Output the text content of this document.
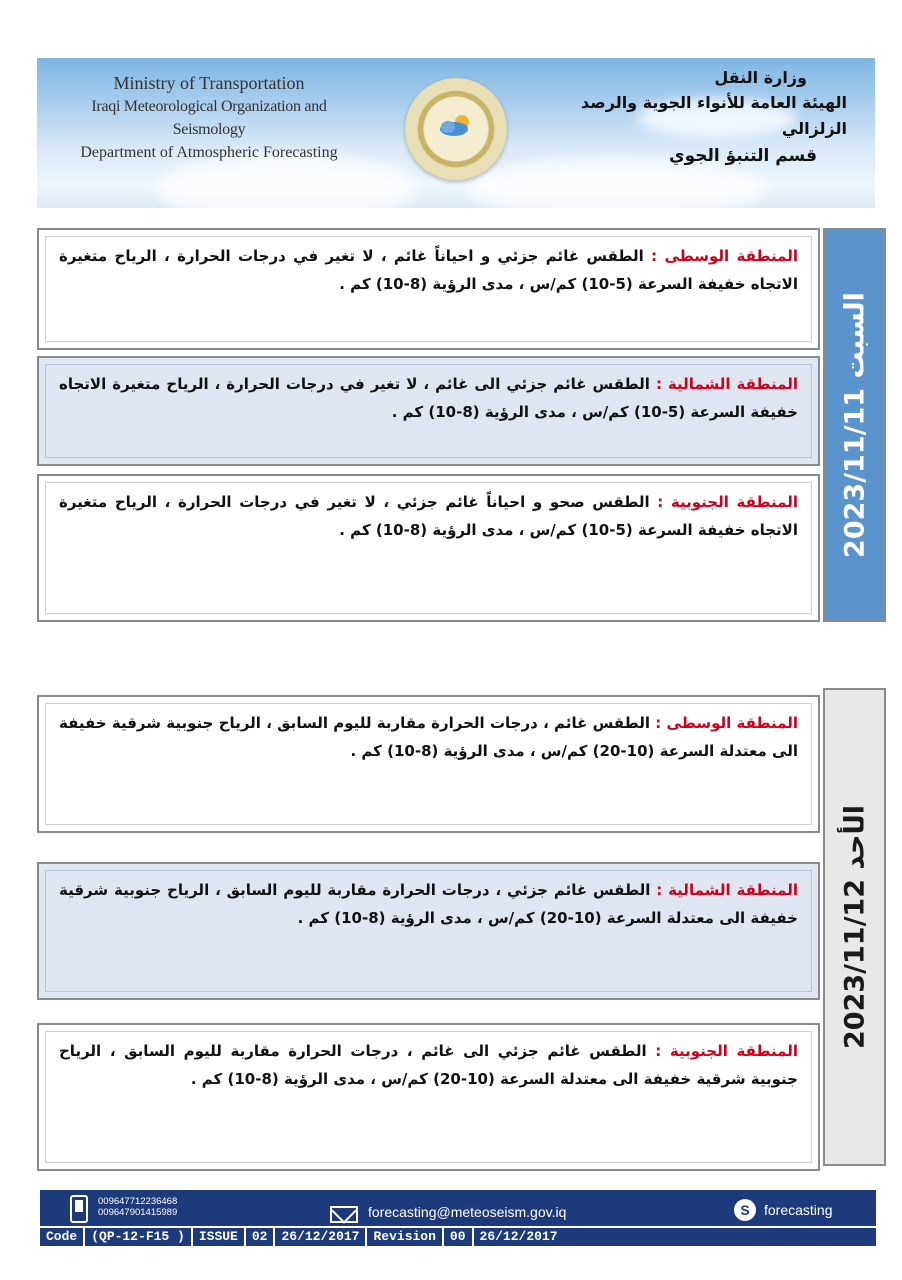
Ministry of Transportation
Iraqi Meteorological Organization and Seismology
Department of Atmospheric Forecasting
وزارة النقل
الهيئة العامة للأنواء الجوية والرصد الزلزالي
قسم التنبؤ الجوي
المنطقة الوسطى : الطقس غائم جزئي و احياناً غائم ، لا تغير في درجات الحرارة ، الرياح متغيرة الاتجاه خفيفة السرعة (5-10) كم/س ، مدى الرؤية (8-10) كم .
المنطقة الشمالية : الطقس غائم جزئي الى غائم ، لا تغير في درجات الحرارة ، الرياح متغيرة الاتجاه خفيفة السرعة (5-10) كم/س ، مدى الرؤية (8-10) كم .
المنطقة الجنوبية : الطقس صحو و احياناً غائم جزئي ، لا تغير في درجات الحرارة ، الرياح متغيرة الاتجاه خفيفة السرعة (5-10) كم/س ، مدى الرؤية (8-10) كم . السبت 2023/11/11
المنطقة الوسطى : الطقس غائم ، درجات الحرارة مقاربة لليوم السابق ، الرياح جنوبية شرقية خفيفة الى معتدلة السرعة (10-20) كم/س ، مدى الرؤية (8-10) كم .
المنطقة الشمالية : الطقس غائم جزئي ، درجات الحرارة مقاربة لليوم السابق ، الرياح جنوبية شرقية خفيفة الى معتدلة السرعة (10-20) كم/س ، مدى الرؤية (8-10) كم .
المنطقة الجنوبية : الطقس غائم جزئي الى غائم ، درجات الحرارة مقاربة لليوم السابق ، الرياح جنوبية شرقية خفيفة الى معتدلة السرعة (10-20) كم/س ، مدى الرؤية (8-10) كم .
الأحد 2023/11/12
009647712236468
009647901415989	forecasting@meteoseism.gov.iq	S	forecasting
Code	(QP-12-F15 )	ISSUE	02	26/12/2017	Revision	00	26/12/2017
